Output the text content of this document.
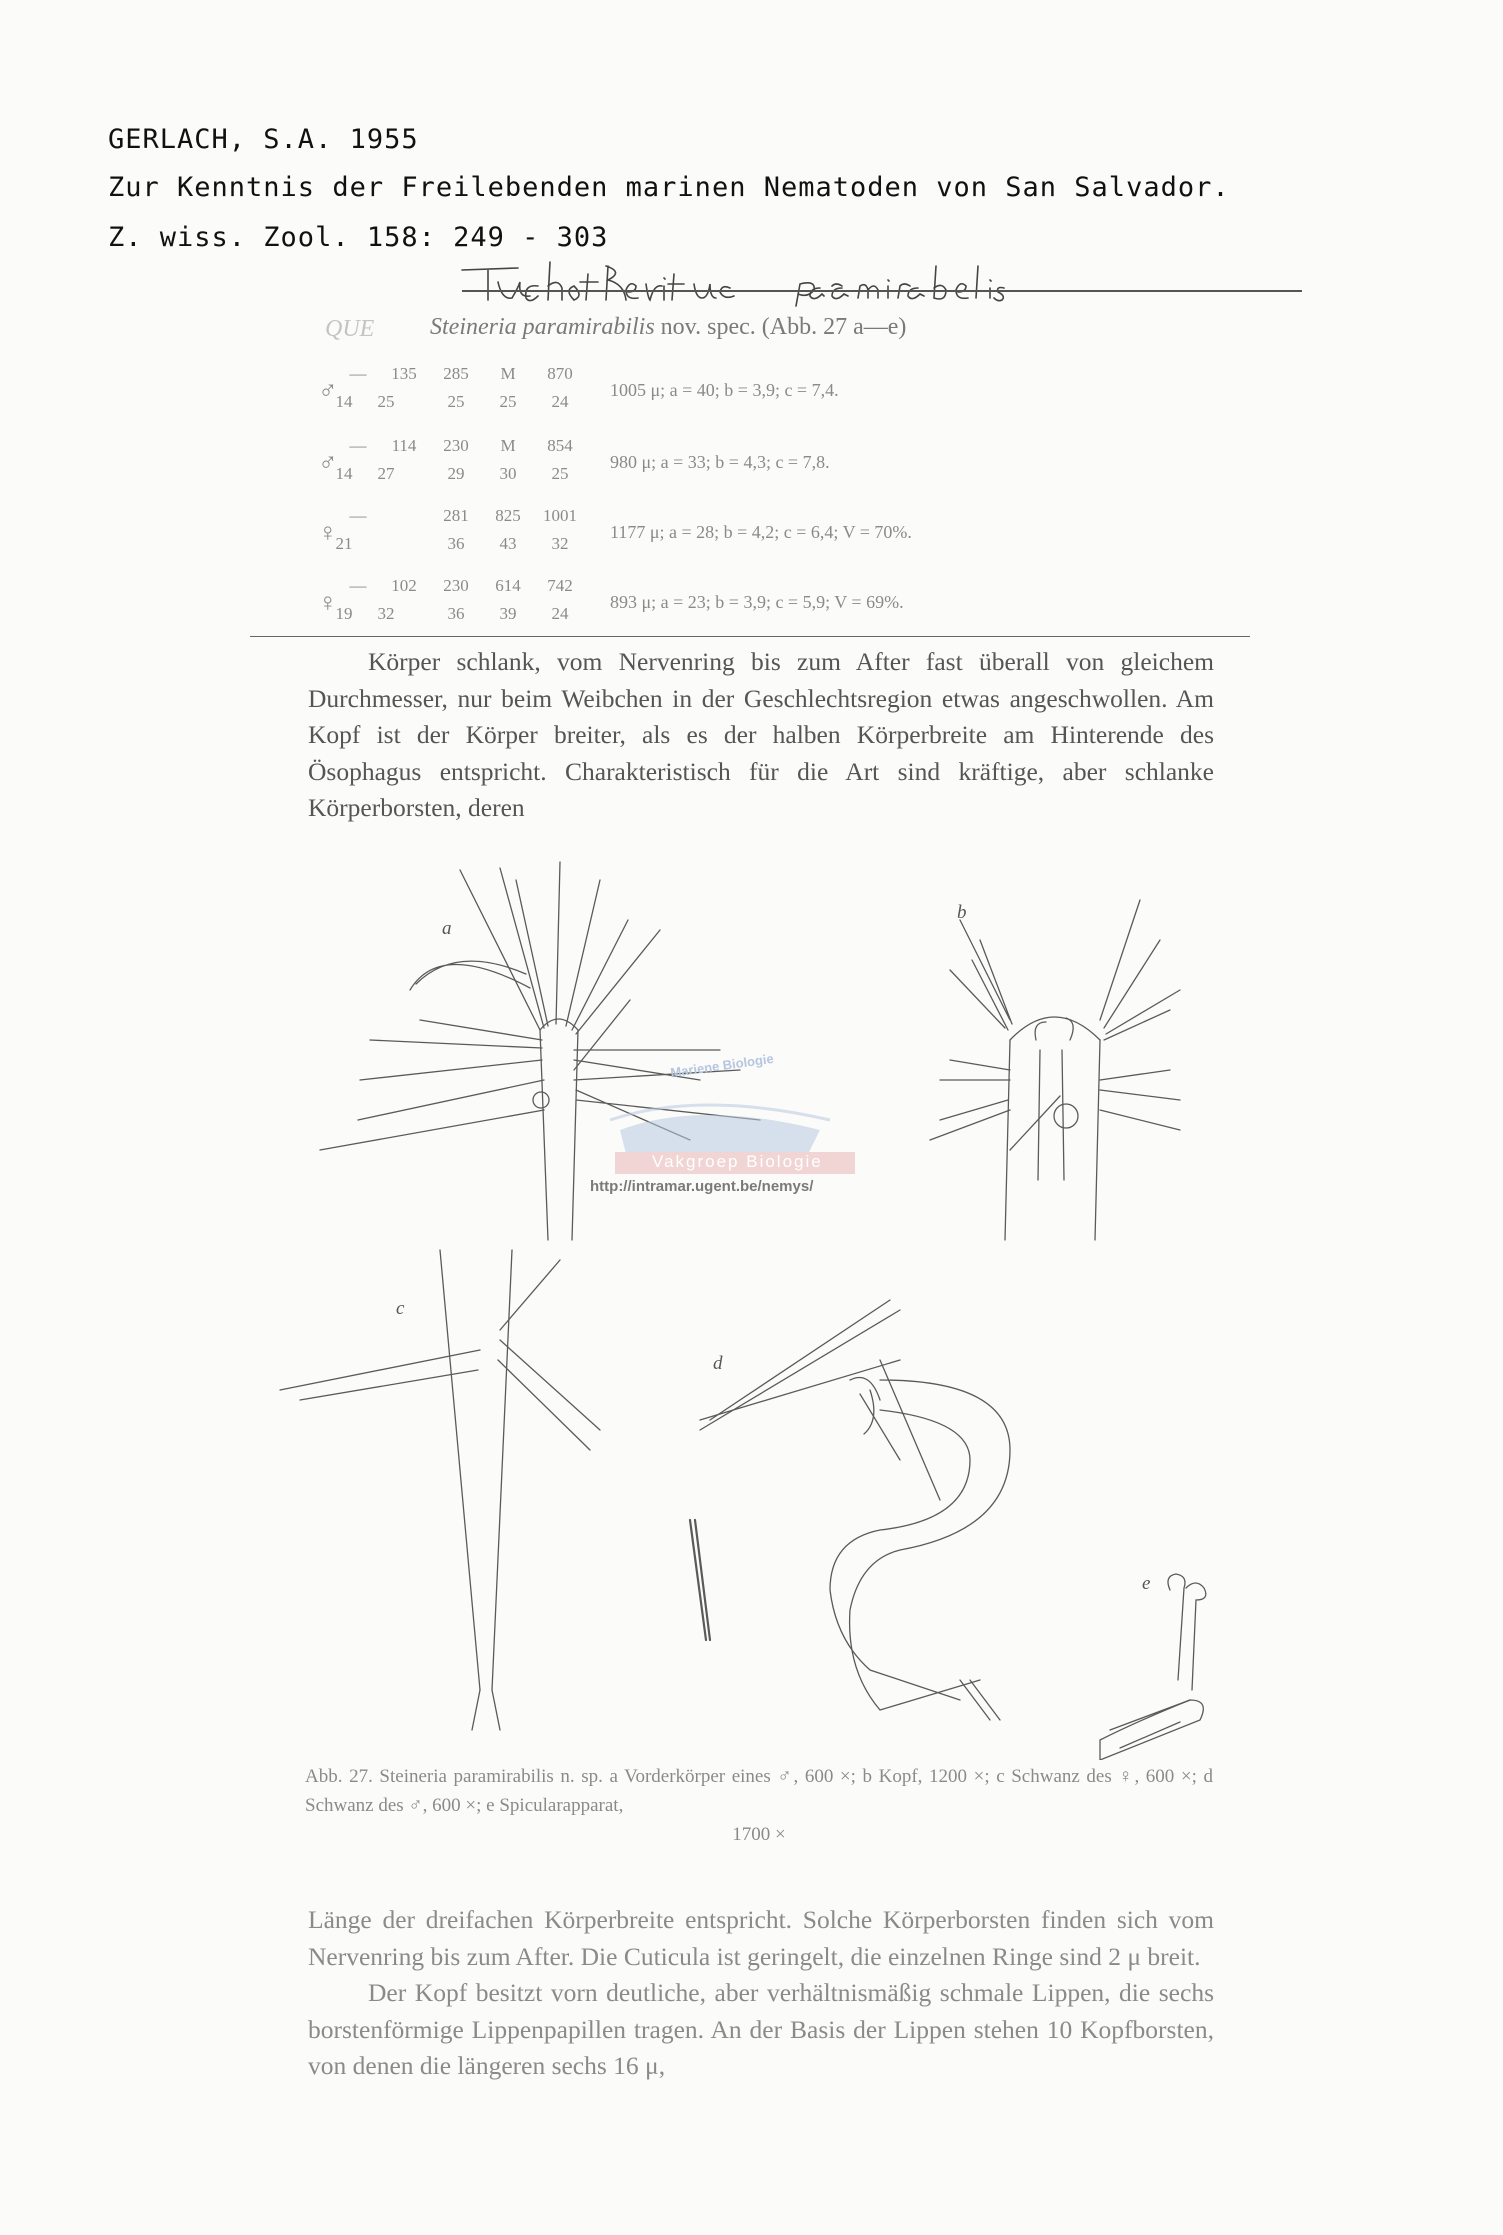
GERLACH, S.A. 1955
Zur Kenntnis der Freilebenden marinen Nematoden von San Salvador.
Z. wiss. Zool. 158: 249 - 303
QUE Steineria paramirabilis nov. spec. (Abb. 27 a—e)
♂
—	135	285	M	870
14	25	25	25	24
1005 μ; a = 40; b = 3,9; c = 7,4.
♂
—	114	230	M	854
14	27	29	30	25
980 μ; a = 33; b = 4,3; c = 7,8.
♀
—	281	825	1001
21	36	43	32
1177 μ; a = 28; b = 4,2; c = 6,4; V = 70%.
♀
—	102	230	614	742
19	32	36	39	24
893 μ; a = 23; b = 3,9; c = 5,9; V = 69%.

Körper schlank, vom Nervenring bis zum After fast überall von gleichem Durchmesser, nur beim Weibchen in der Geschlechtsregion etwas angeschwollen. Am Kopf ist der Körper breiter, als es der halben Körperbreite am Hinterende des Ösophagus entspricht. Charakteristisch für die Art sind kräftige, aber schlanke Körperborsten, deren

a
b
c
d
e
Mariene Biologie
Vakgroep Biologie
http://intramar.ugent.be/nemys/
Abb. 27. Steineria paramirabilis n. sp. a Vorderkörper eines ♂, 600 ×; b Kopf, 1200 ×; c Schwanz des ♀, 600 ×; d Schwanz des ♂, 600 ×; e Spicularapparat,
1700 ×

Länge der dreifachen Körperbreite entspricht. Solche Körperborsten finden sich vom Nervenring bis zum After. Die Cuticula ist geringelt, die einzelnen Ringe sind 2 μ breit.

Der Kopf besitzt vorn deutliche, aber verhältnismäßig schmale Lippen, die sechs borstenförmige Lippenpapillen tragen. An der Basis der Lippen stehen 10 Kopfborsten, von denen die längeren sechs 16 μ,
